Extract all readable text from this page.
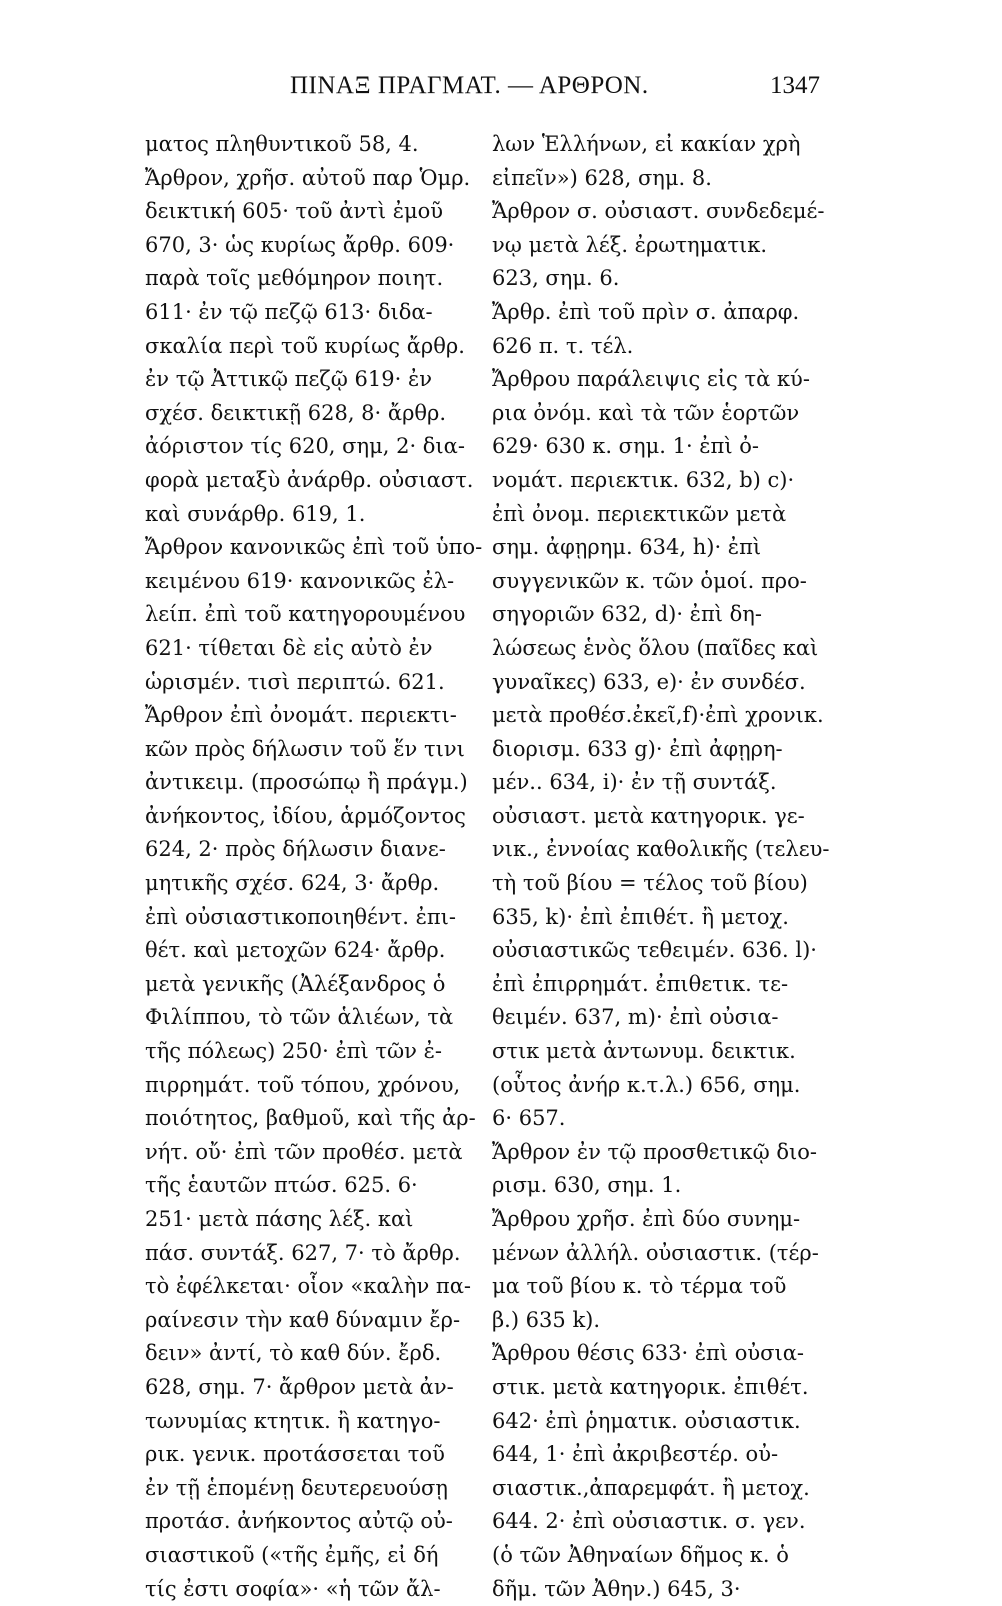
ΠΙΝΑΞ ΠΡΑΓΜΑΤ. — ΑΡΘΡΟΝ.	1347
ματος πληθυντικοῦ 58, 4.
Ἄρθρον, χρῆσ. αὐτοῦ παρ Ὁμρ.
δεικτική 605· τοῦ ἀντὶ ἐμοῦ
670, 3· ὡς κυρίως ἄρθρ. 609·
παρὰ τοῖς μεθόμηρον ποιητ.
611· ἐν τῷ πεζῷ 613· διδα-
σκαλία περὶ τοῦ κυρίως ἄρθρ.
ἐν τῷ Ἀττικῷ πεζῷ 619· ἐν
σχέσ. δεικτικῇ 628, 8· ἄρθρ.
ἀόριστον τίς 620, σημ, 2· δια-
φορὰ μεταξὺ ἀνάρθρ. οὐσιαστ.
καὶ συνάρθρ. 619, 1.
Ἄρθρον κανονικῶς ἐπὶ τοῦ ὑπο-
κειμένου 619· κανονικῶς ἐλ-
λείπ. ἐπὶ τοῦ κατηγορουμένου
621· τίθεται δὲ εἰς αὐτὸ ἐν
ὡρισμέν. τισὶ περιπτώ. 621.
Ἄρθρον ἐπὶ ὀνομάτ. περιεκτι-
κῶν πρὸς δήλωσιν τοῦ ἕν τινι
ἀντικειμ. (προσώπῳ ἢ πράγμ.)
ἀνήκοντος, ἰδίου, ἁρμόζοντος
624, 2· πρὸς δήλωσιν διανε-
μητικῆς σχέσ. 624, 3· ἄρθρ.
ἐπὶ οὐσιαστικοποιηθέντ. ἐπι-
θέτ. καὶ μετοχῶν 624· ἄρθρ.
μετὰ γενικῆς (Ἀλέξανδρος ὁ
Φιλίππου, τὸ τῶν ἁλιέων, τὰ
τῆς πόλεως) 250· ἐπὶ τῶν ἐ-
πιρρημάτ. τοῦ τόπου, χρόνου,
ποιότητος, βαθμοῦ, καὶ τῆς ἀρ-
νήτ. οὔ· ἐπὶ τῶν προθέσ. μετὰ
τῆς ἑαυτῶν πτώσ. 625. 6·
251· μετὰ πάσης λέξ. καὶ
πάσ. συντάξ. 627, 7· τὸ ἄρθρ.
τὸ ἐφέλκεται· οἷον «καλὴν πα-
ραίνεσιν τὴν καθ δύναμιν ἔρ-
δειν» ἀντί, τὸ καθ δύν. ἔρδ.
628, σημ. 7· ἄρθρον μετὰ ἀν-
τωνυμίας κτητικ. ἢ κατηγο-
ρικ. γενικ. προτάσσεται τοῦ
ἐν τῇ ἑπομένῃ δευτερευούσῃ
προτάσ. ἀνήκοντος αὐτῷ οὐ-
σιαστικοῦ («τῆς ἐμῆς, εἰ δή
τίς ἐστι σοφία»· «ἡ τῶν ἄλ-
λων Ἑλλήνων, εἰ κακίαν χρὴ
εἰπεῖν») 628, σημ. 8.
Ἄρθρον σ. οὐσιαστ. συνδεδεμέ-
νῳ μετὰ λέξ. ἐρωτηματικ.
623, σημ. 6.
Ἄρθρ. ἐπὶ τοῦ πρὶν σ. ἀπαρφ.
626 π. τ. τέλ.
Ἄρθρου παράλειψις εἰς τὰ κύ-
ρια ὀνόμ. καὶ τὰ τῶν ἑορτῶν
629· 630 κ. σημ. 1· ἐπὶ ὀ-
νομάτ. περιεκτικ. 632, b) c)·
ἐπὶ ὀνομ. περιεκτικῶν μετὰ
σημ. ἀφῃρημ. 634, h)· ἐπὶ
συγγενικῶν κ. τῶν ὁμοί. προ-
σηγοριῶν 632, d)· ἐπὶ δη-
λώσεως ἑνὸς ὅλου (παῖδες καὶ
γυναῖκες) 633, e)· ἐν συνδέσ.
μετὰ προθέσ.ἐκεῖ,f)·ἐπὶ χρονικ.
διορισμ. 633 g)· ἐπὶ ἀφῃρη-
μέν.. 634, i)· ἐν τῇ συντάξ.
οὐσιαστ. μετὰ κατηγορικ. γε-
νικ., ἐννοίας καθολικῆς (τελευ-
τὴ τοῦ βίου = τέλος τοῦ βίου)
635, k)· ἐπὶ ἐπιθέτ. ἢ μετοχ.
οὐσιαστικῶς τεθειμέν. 636. l)·
ἐπὶ ἐπιρρημάτ. ἐπιθετικ. τε-
θειμέν. 637, m)· ἐπὶ οὐσια-
στικ μετὰ ἀντωνυμ. δεικτικ.
(οὗτος ἀνήρ κ.τ.λ.) 656, σημ.
6· 657.
Ἄρθρον ἐν τῷ προσθετικῷ διο-
ρισμ. 630, σημ. 1.
Ἄρθρου χρῆσ. ἐπὶ δύο συνημ-
μένων ἀλλήλ. οὐσιαστικ. (τέρ-
μα τοῦ βίου κ. τὸ τέρμα τοῦ
β.) 635 k).
Ἄρθρου θέσις 633· ἐπὶ οὐσια-
στικ. μετὰ κατηγορικ. ἐπιθέτ.
642· ἐπὶ ῥηματικ. οὐσιαστικ.
644, 1· ἐπὶ ἀκριβεστέρ. οὐ-
σιαστικ.,ἀπαρεμφάτ. ἢ μετοχ.
644. 2· ἐπὶ οὐσιαστικ. σ. γεν.
(ὁ τῶν Ἀθηναίων δῆμος κ. ὁ
δῆμ. τῶν Ἀθην.) 645, 3·
